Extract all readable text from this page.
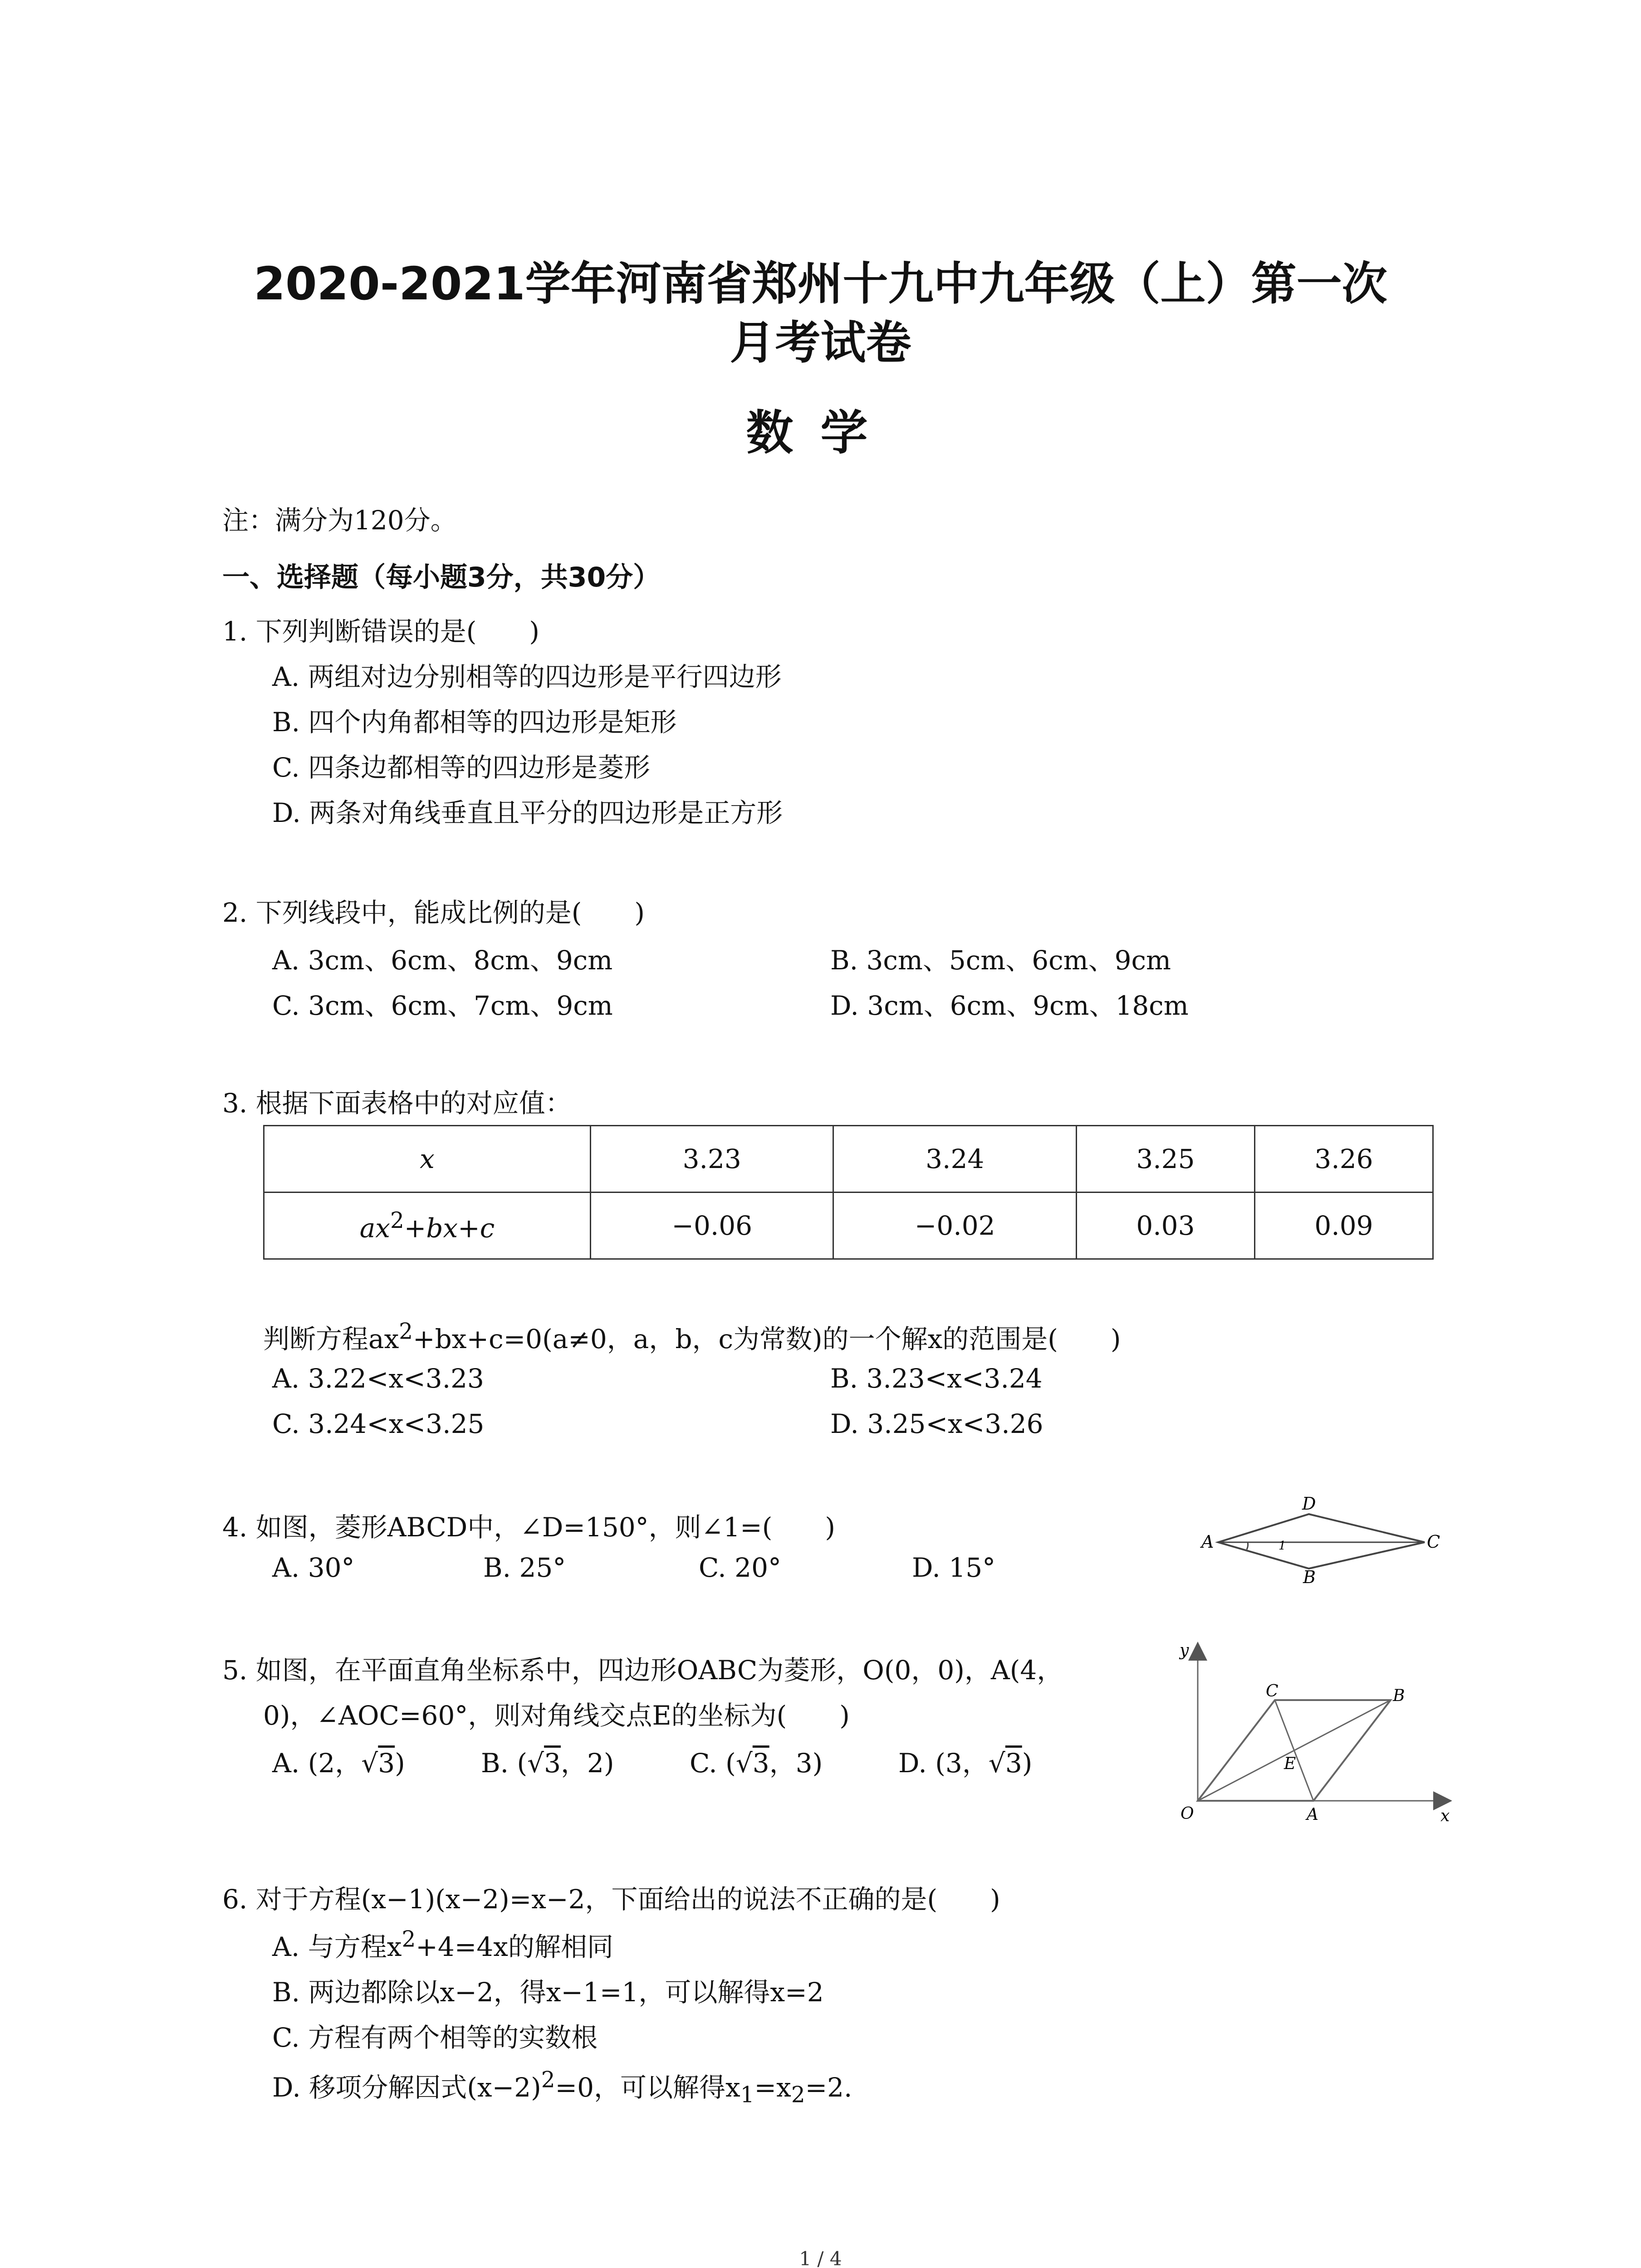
2020-2021学年河南省郑州十九中九年级（上）第一次
月考试卷
数学
注：满分为120分。
一、选择题（每小题3分，共30分）
1. 下列判断错误的是(　　)
A. 两组对边分别相等的四边形是平行四边形
B. 四个内角都相等的四边形是矩形
C. 四条边都相等的四边形是菱形
D. 两条对角线垂直且平分的四边形是正方形
2. 下列线段中，能成比例的是(　　)
A. 3cm、6cm、8cm、9cm	B. 3cm、5cm、6cm、9cm
C. 3cm、6cm、7cm、9cm	D. 3cm、6cm、9cm、18cm
3. 根据下面表格中的对应值：
x	3.23	3.24	3.25	3.26
$ax^2+bx+c$	−0.06	−0.02	0.03	0.09
判断方程$ax^2+bx+c=0(a\ne 0$，a，b，c为常数)的一个解x的范围是(　　)
A. 3.22<x<3.23	B. 3.23<x<3.24
C. 3.24<x<3.25	D. 3.25<x<3.26
4. 如图，菱形ABCD中，∠D=150°，则∠1=(　　)
A. 30°	B. 25°	C. 20°	D. 15°
A
D
C
B
1
5. 如图，在平面直角坐标系中，四边形OABC为菱形，O(0，0)，A(4，
0)，∠AOC=60°，则对角线交点E的坐标为(　　)
A. (2，√3)	B. (√3，2)	C. (√3，3)	D. (3，√3)
y
x
O	A
B
C
E
6. 对于方程(x−1)(x−2)=x−2，下面给出的说法不正确的是(　　)
A. 与方程$x^2+4=4x$的解相同
B. 两边都除以x−2，得x−1=1，可以解得x=2
C. 方程有两个相等的实数根
D. 移项分解因式$(x-2)^2=0$，可以解得$x_1=x_2=2$.
1 / 4
